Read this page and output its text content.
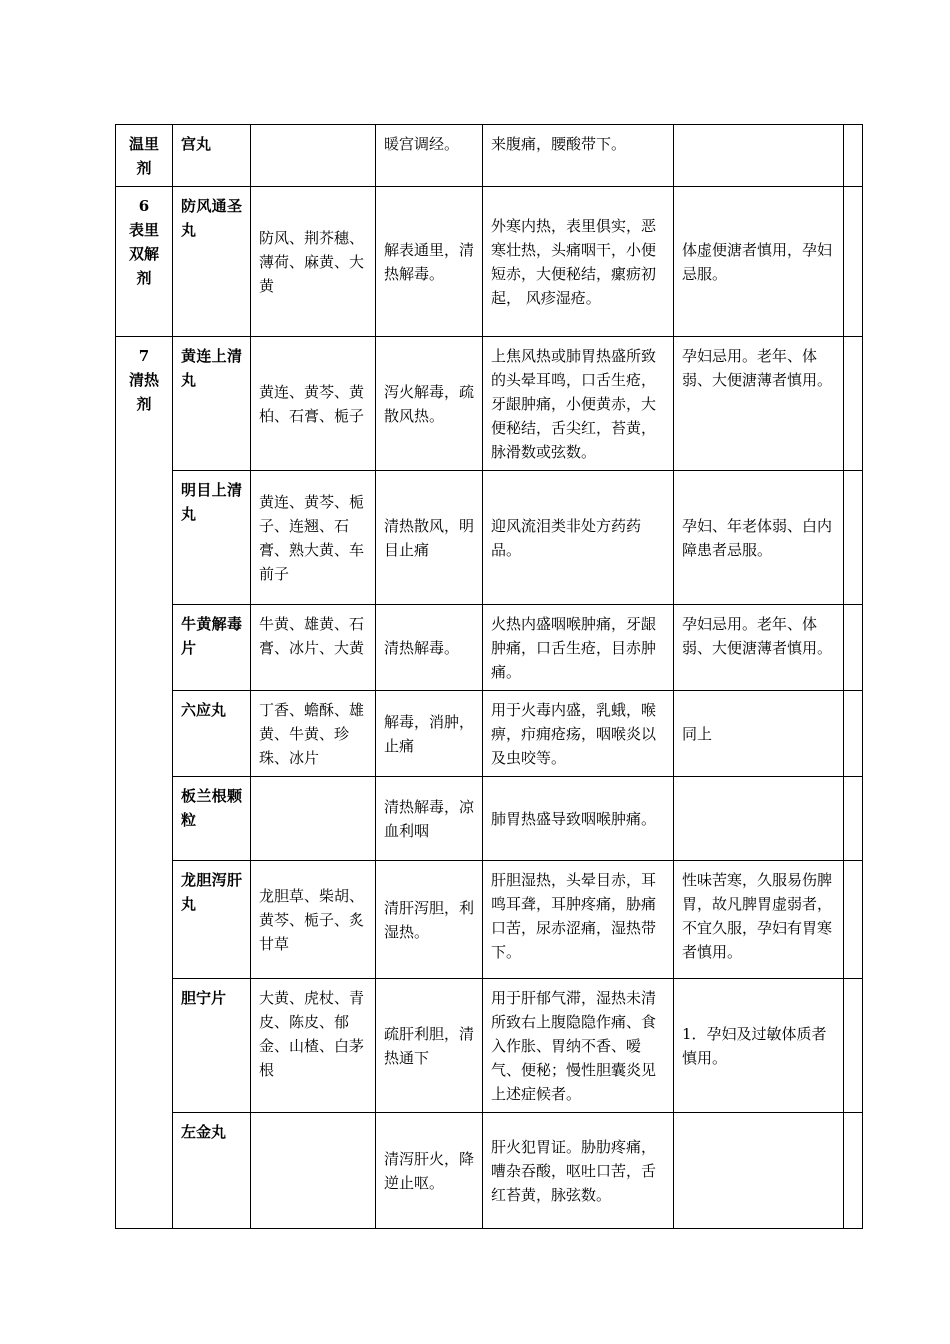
温里剂	宫丸		暖宫调经。	来腹痛，腰酸带下。		

6
表里双解剂	防风通圣丸	防风、荆芥穗、薄荷、麻黄、大黄	解表通里，清热解毒。	外寒内热，表里俱实，恶寒壮热，头痛咽干，小便短赤，大便秘结，瘰疬初起， 风疹湿疮。	体虚便溏者慎用，孕妇忌服。	

7
清热剂	黄连上清丸	黄连、黄芩、黄柏、石膏、栀子	泻火解毒，疏散风热。	上焦风热或肺胃热盛所致的头晕耳鸣，口舌生疮，牙龈肿痛，小便黄赤，大便秘结，舌尖红，苔黄，脉滑数或弦数。	孕妇忌用。老年、体弱、大便溏薄者慎用。	
	明目上清丸	黄连、黄芩、栀子、连翘、石膏、熟大黄、车前子	清热散风，明目止痛	迎风流泪类非处方药药品。	孕妇、年老体弱、白内障患者忌服。	
	牛黄解毒片	牛黄、雄黄、石膏、冰片、大黄	清热解毒。	火热内盛咽喉肿痛，牙龈肿痛，口舌生疮，目赤肿痛。	孕妇忌用。老年、体弱、大便溏薄者慎用。	
	六应丸	丁香、蟾酥、雄黄、牛黄、珍珠、冰片	解毒，消肿，止痛	用于火毒内盛，乳蛾，喉痹，疖痈疮疡，咽喉炎以及虫咬等。	同上	
	板兰根颗粒		清热解毒，凉血利咽	肺胃热盛导致咽喉肿痛。		
	龙胆泻肝丸	龙胆草、柴胡、黄芩、栀子、炙甘草	清肝泻胆，利湿热。	肝胆湿热，头晕目赤，耳鸣耳聋，耳肿疼痛，胁痛口苦，尿赤涩痛，湿热带下。	性味苦寒，久服易伤脾胃，故凡脾胃虚弱者，不宜久服，孕妇有胃寒者慎用。	
	胆宁片	大黄、虎杖、青皮、陈皮、郁金、山楂、白茅根	疏肝利胆，清热通下	用于肝郁气滞，湿热未清所致右上腹隐隐作痛、食入作胀、胃纳不香、嗳气、便秘；慢性胆囊炎见上述症候者。	1．孕妇及过敏体质者慎用。	
	左金丸		清泻肝火，降逆止呕。	肝火犯胃证。胁肋疼痛，嘈杂吞酸，呕吐口苦，舌红苔黄，脉弦数。		
